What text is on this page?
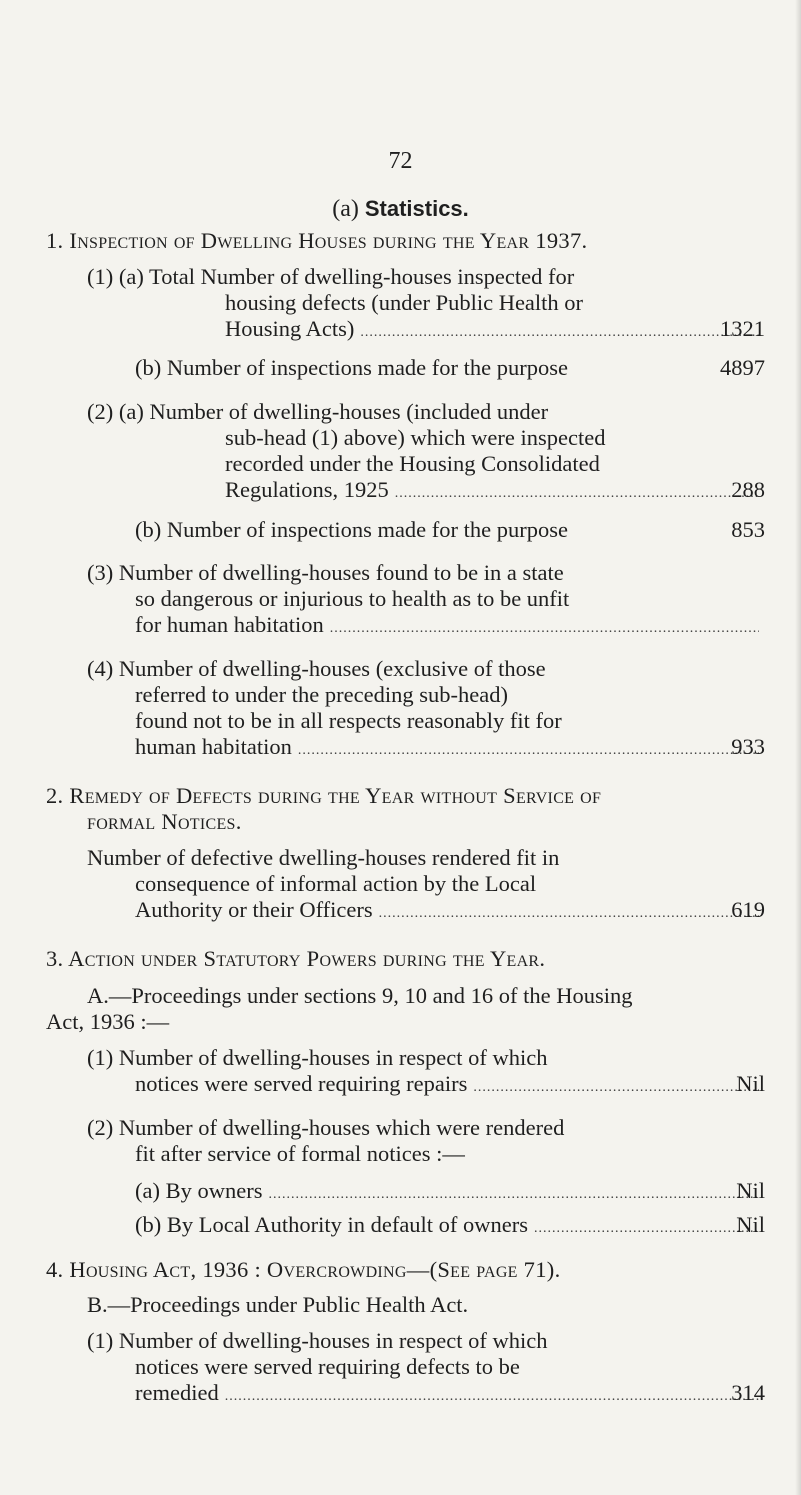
72
(a) Statistics.
1. Inspection of Dwelling Houses during the Year 1937.
(1) (a) Total Number of dwelling-houses inspected for
housing defects (under Public Health or
Housing Acts) .....	1321
(b) Number of inspections made for the purpose	4897
(2) (a) Number of dwelling-houses (included under
sub-head (1) above) which were inspected
recorded under the Housing Consolidated
Regulations, 1925 .....	288
(b) Number of inspections made for the purpose	853
(3) Number of dwelling-houses found to be in a state
so dangerous or injurious to health as to be unfit
for human habitation
.....
(4) Number of dwelling-houses (exclusive of those
referred to under the preceding sub-head)
found not to be in all respects reasonably fit for
human habitation .....	933
2. Remedy of Defects during the Year without Service of
formal Notices.
Number of defective dwelling-houses rendered fit in
consequence of informal action by the Local
Authority or their Officers .....	619
3. Action under Statutory Powers during the Year.
A.—Proceedings under sections 9, 10 and 16 of the Housing
Act, 1936 :—
(1) Number of dwelling-houses in respect of which
notices were served requiring repairs .....	Nil
(2) Number of dwelling-houses which were rendered
fit after service of formal notices :—
(a) By owners .....	Nil
(b) By Local Authority in default of owners .....	Nil
4. Housing Act, 1936 : Overcrowding—(See page 71).
B.—Proceedings under Public Health Act.
(1) Number of dwelling-houses in respect of which
notices were served requiring defects to be
remedied .....	314
